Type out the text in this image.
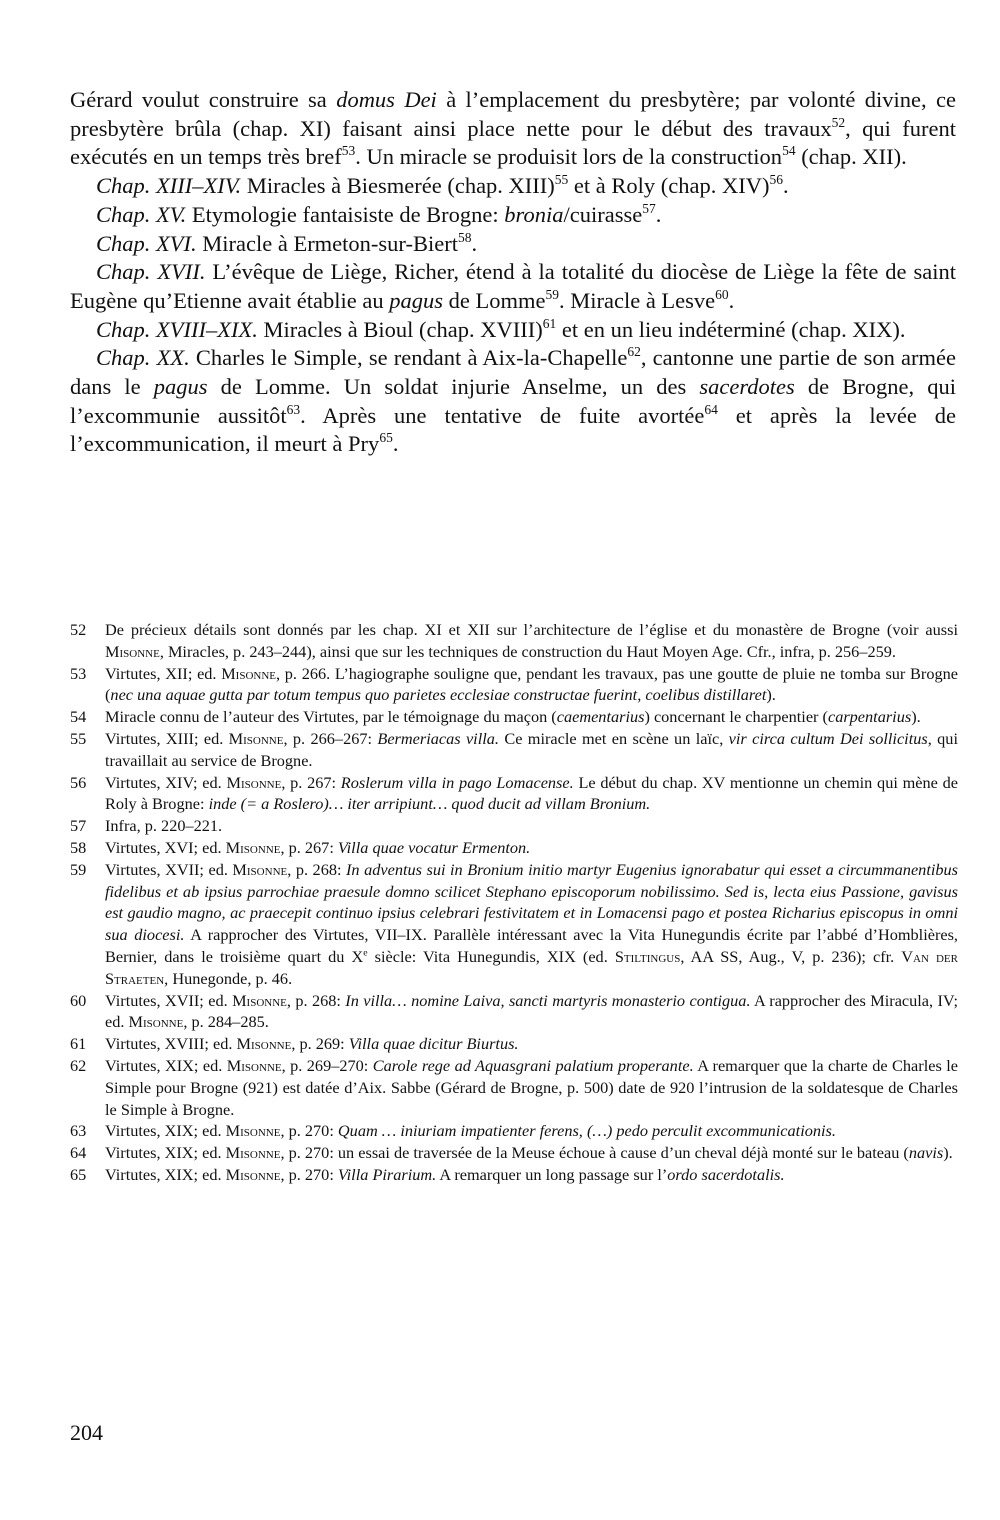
Gérard voulut construire sa domus Dei à l’emplacement du presbytère; par volonté divine, ce presbytère brûla (chap. XI) faisant ainsi place nette pour le début des travaux$^{52}$, qui furent exécutés en un temps très bref$^{53}$. Un miracle se produisit lors de la construction$^{54}$ (chap. XII).

Chap. XIII–XIV. Miracles à Biesmerée (chap. XIII)$^{55}$ et à Roly (chap. XIV)$^{56}$.

Chap. XV. Etymologie fantaisiste de Brogne: bronia/cuirasse$^{57}$.

Chap. XVI. Miracle à Ermeton-sur-Biert$^{58}$.

Chap. XVII. L’évêque de Liège, Richer, étend à la totalité du diocèse de Liège la fête de saint Eugène qu’Etienne avait établie au pagus de Lomme$^{59}$. Miracle à Lesve$^{60}$.

Chap. XVIII–XIX. Miracles à Bioul (chap. XVIII)$^{61}$ et en un lieu indéterminé (chap. XIX).

Chap. XX. Charles le Simple, se rendant à Aix-la-Chapelle$^{62}$, cantonne une partie de son armée dans le pagus de Lomme. Un soldat injurie Anselme, un des sacerdotes de Brogne, qui l’excommunie aussitôt$^{63}$. Après une tentative de fuite avortée$^{64}$ et après la levée de l’excommunication, il meurt à Pry$^{65}$.

52	De précieux détails sont donnés par les chap. XI et XII sur l’architecture de l’église et du monastère de Brogne (voir aussi Misonne, Miracles, p. 243–244), ainsi que sur les techniques de construction du Haut Moyen Age. Cfr., infra, p. 256–259.
53	Virtutes, XII; ed. Misonne, p. 266. L’hagiographe souligne que, pendant les travaux, pas une goutte de pluie ne tomba sur Brogne (nec una aquae gutta par totum tempus quo parietes ecclesiae constructae fuerint, coelibus distillaret).
54	Miracle connu de l’auteur des Virtutes, par le témoignage du maçon (caementarius) concernant le charpentier (carpentarius).
55	Virtutes, XIII; ed. Misonne, p. 266–267: Bermeriacas villa. Ce miracle met en scène un laïc, vir circa cultum Dei sollicitus, qui travaillait au service de Brogne.
56	Virtutes, XIV; ed. Misonne, p. 267: Roslerum villa in pago Lomacense. Le début du chap. XV mentionne un chemin qui mène de Roly à Brogne: inde (= a Roslero)… iter arripiunt… quod ducit ad villam Bronium.
57	Infra, p. 220–221.
58	Virtutes, XVI; ed. Misonne, p. 267: Villa quae vocatur Ermenton.
59	Virtutes, XVII; ed. Misonne, p. 268: In adventus sui in Bronium initio martyr Eugenius ignorabatur qui esset a circummanentibus fidelibus et ab ipsius parrochiae praesule domno scilicet Stephano episcoporum nobilissimo. Sed is, lecta eius Passione, gavisus est gaudio magno, ac praecepit continuo ipsius celebrari festivitatem et in Lomacensi pago et postea Richarius episcopus in omni sua diocesi. A rapprocher des Virtutes, VII–IX. Parallèle intéressant avec la Vita Hunegundis écrite par l’abbé d’Homblières, Bernier, dans le troisième quart du Xe siècle: Vita Hunegundis, XIX (ed. Stiltingus, AA SS, Aug., V, p. 236); cfr. Van der Straeten, Hunegonde, p. 46.
60	Virtutes, XVII; ed. Misonne, p. 268: In villa… nomine Laiva, sancti martyris monasterio contigua. A rapprocher des Miracula, IV; ed. Misonne, p. 284–285.
61	Virtutes, XVIII; ed. Misonne, p. 269: Villa quae dicitur Biurtus.
62	Virtutes, XIX; ed. Misonne, p. 269–270: Carole rege ad Aquasgrani palatium properante. A remarquer que la charte de Charles le Simple pour Brogne (921) est datée d’Aix. Sabbe (Gérard de Brogne, p. 500) date de 920 l’intrusion de la soldatesque de Charles le Simple à Brogne.
63	Virtutes, XIX; ed. Misonne, p. 270: Quam … iniuriam impatienter ferens, (…) pedo perculit excommunicationis.
64	Virtutes, XIX; ed. Misonne, p. 270: un essai de traversée de la Meuse échoue à cause d’un cheval déjà monté sur le bateau (navis).
65	Virtutes, XIX; ed. Misonne, p. 270: Villa Pirarium. A remarquer un long passage sur l’ordo sacerdotalis.
204
